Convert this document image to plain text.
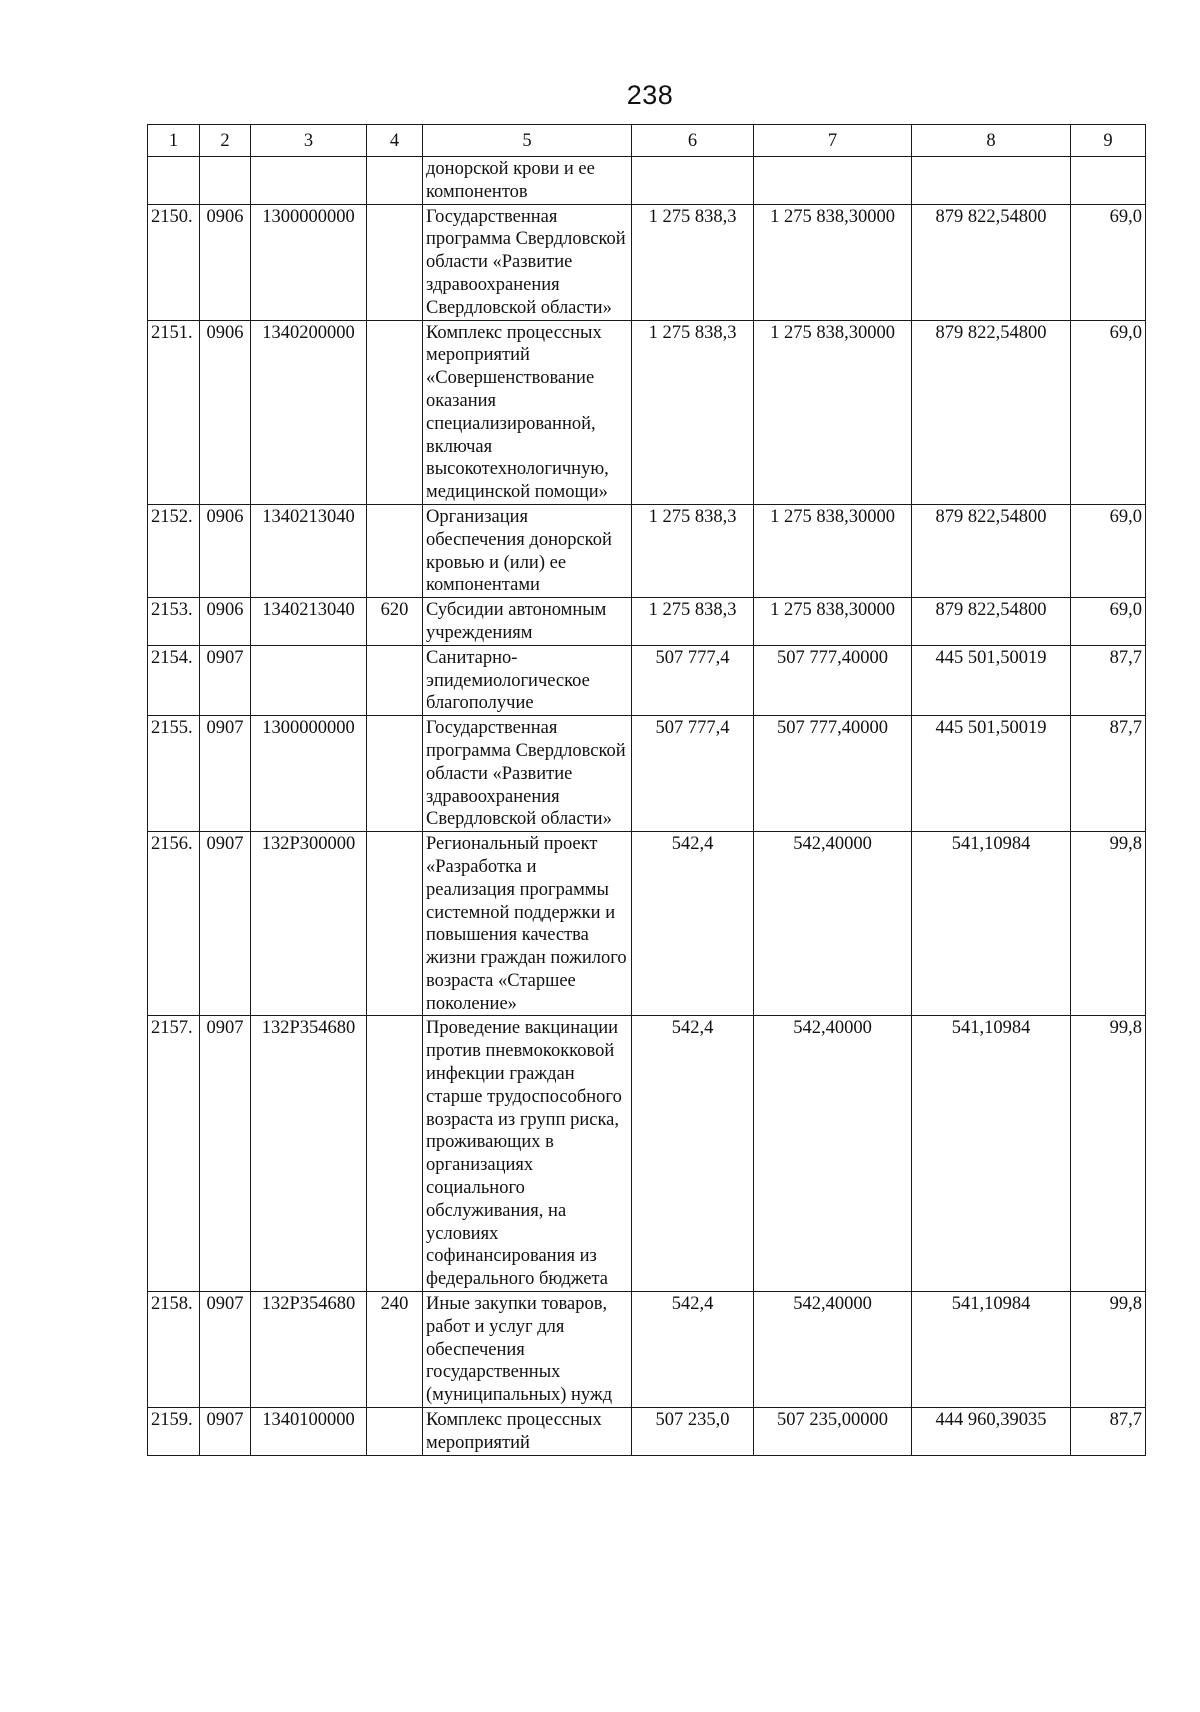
238
1	2	3	4	5	6	7	8	9
				донорской крови и ее компонентов				
2150.	0906	1300000000		Государственная программа Свердловской области «Развитие здравоохранения Свердловской области»	1 275 838,3	1 275 838,30000	879 822,54800	69,0
2151.	0906	1340200000		Комплекс процессных мероприятий «Совершенствование оказания специализированной, включая высокотехнологичную, медицинской помощи»	1 275 838,3	1 275 838,30000	879 822,54800	69,0
2152.	0906	1340213040		Организация обеспечения донорской кровью и (или) ее компонентами	1 275 838,3	1 275 838,30000	879 822,54800	69,0
2153.	0906	1340213040	620	Субсидии автономным учреждениям	1 275 838,3	1 275 838,30000	879 822,54800	69,0
2154.	0907			Санитарно-эпидемиологическое благополучие	507 777,4	507 777,40000	445 501,50019	87,7
2155.	0907	1300000000		Государственная программа Свердловской области «Развитие здравоохранения Свердловской области»	507 777,4	507 777,40000	445 501,50019	87,7
2156.	0907	132P300000		Региональный проект «Разработка и реализация программы системной поддержки и повышения качества жизни граждан пожилого возраста «Старшее поколение»	542,4	542,40000	541,10984	99,8
2157.	0907	132P354680		Проведение вакцинации против пневмококковой инфекции граждан старше трудоспособного возраста из групп риска, проживающих в организациях социального обслуживания, на условиях софинансирования из федерального бюджета	542,4	542,40000	541,10984	99,8
2158.	0907	132P354680	240	Иные закупки товаров, работ и услуг для обеспечения государственных (муниципальных) нужд	542,4	542,40000	541,10984	99,8
2159.	0907	1340100000		Комплекс процессных мероприятий	507 235,0	507 235,00000	444 960,39035	87,7
